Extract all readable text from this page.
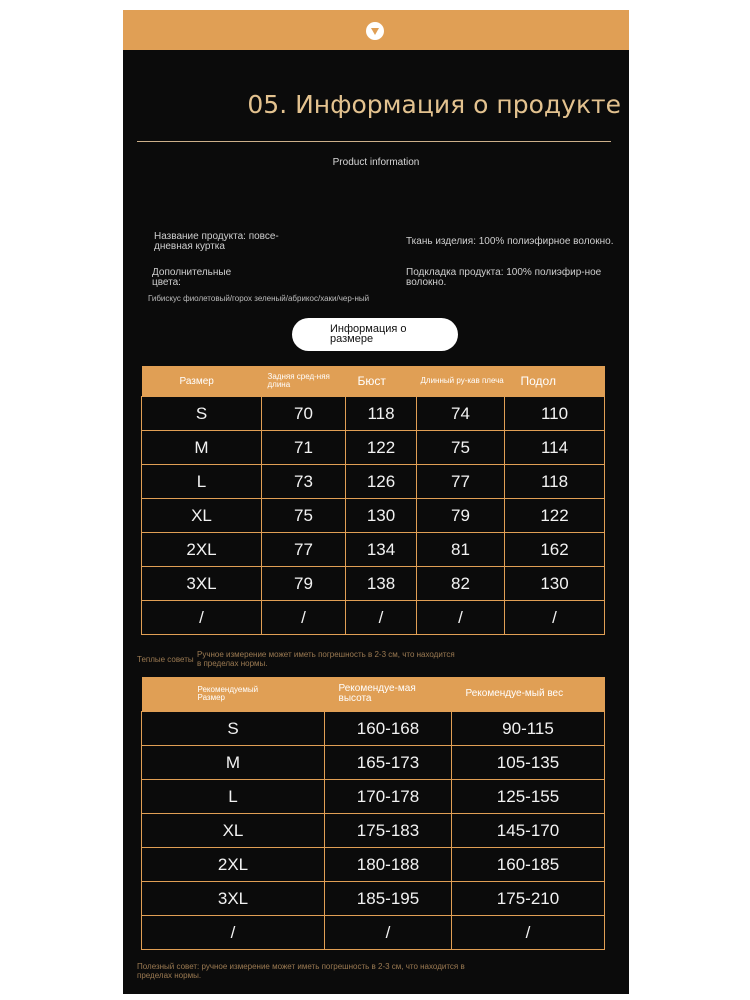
05. Информация о продукте
Product information
Название продукта: повсе-дневная куртка
Дополнительные цвета:
Гибискус фиолетовый/горох зеленый/абрикос/хаки/чер-ный
Ткань изделия: 100% полиэфирное волокно.
Подкладка продукта: 100% полиэфир-ное волокно.
Информация о размере
Размер	Задняя сред-няя длина	Бюст	Длинный ру-кав плеча	Подол
S	70	118	74	110
M	71	122	75	114
L	73	126	77	118
XL	75	130	79	122
2XL	77	134	81	162
3XL	79	138	82	130
/	/	/	/	/
Теплые советы
Ручное измерение может иметь погрешность в 2-3 см, что находится в пределах нормы.
Рекомендуемый Размер	Рекомендуе-мая высота	Рекомендуе-мый вес

S	160-168	90-115
M	165-173	105-135
L	170-178	125-155
XL	175-183	145-170
2XL	180-188	160-185
3XL	185-195	175-210
/	/	/
Полезный совет: ручное измерение может иметь погрешность в 2-3 см, что находится в пределах нормы.
